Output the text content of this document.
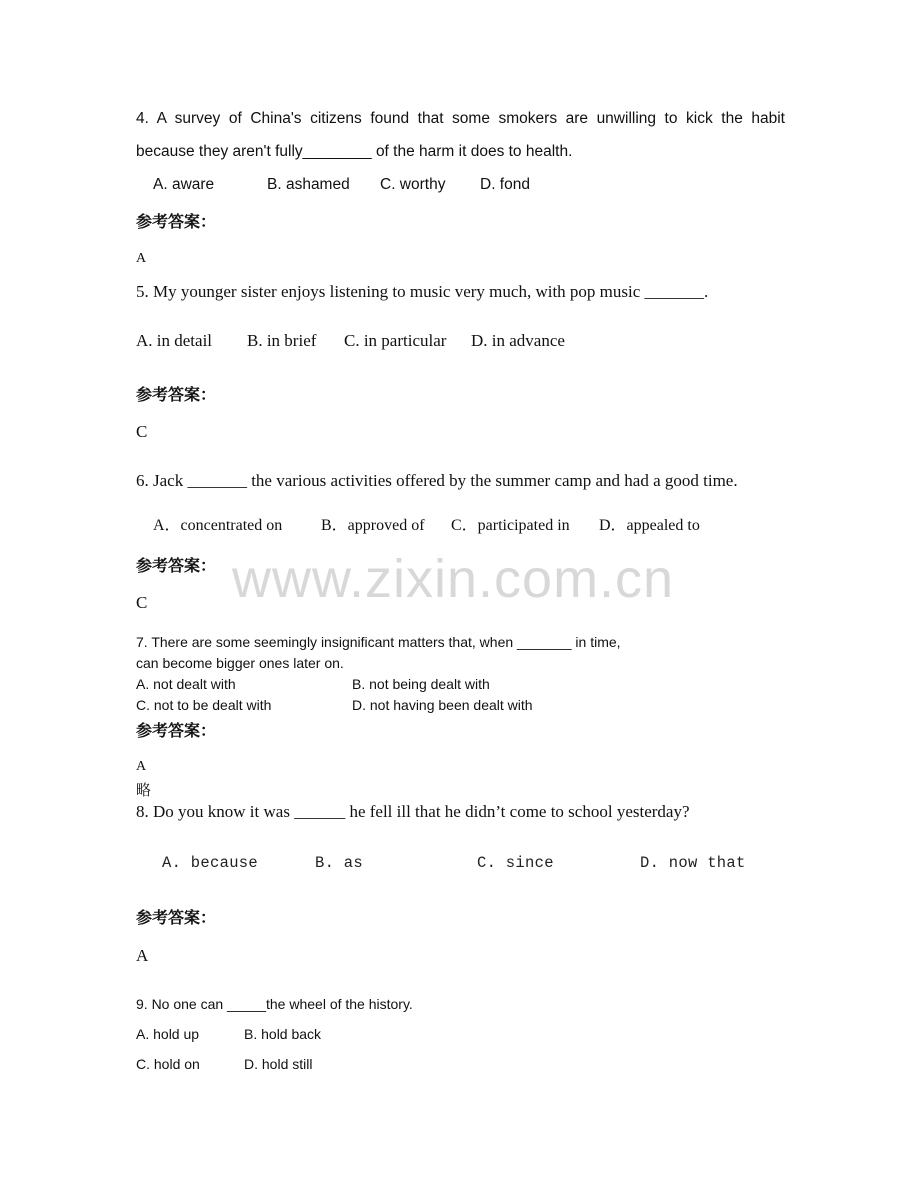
www.zixin.com.cn
4. A survey of China's citizens found that some smokers are unwilling to kick the habit
because they aren't fully________ of the harm it does to health.
A. aware	B. ashamed C. worthy D. fond
参考答案：
A
5. My younger sister enjoys listening to music very much, with pop music _______.
A. in detail B. in brief C. in particular D. in advance
参考答案：
C
6. Jack _______ the various activities offered by the summer camp and had a good time.
A．concentrated on B．approved of C．participated in D．appealed to
参考答案：
C
7. There are some seemingly insignificant matters that, when _______ in time,
can become bigger ones later on.
A. not dealt with	B. not being dealt with
C. not to be dealt with	D. not having been dealt with
参考答案：
A
略
8. Do you know it was ______ he fell ill that he didn’t come to school yesterday?
A. because	B. as	C. since	D. now that
参考答案：
A
9. No one can _____the wheel of the history.
A. hold up	B. hold back
C. hold on	D. hold still
